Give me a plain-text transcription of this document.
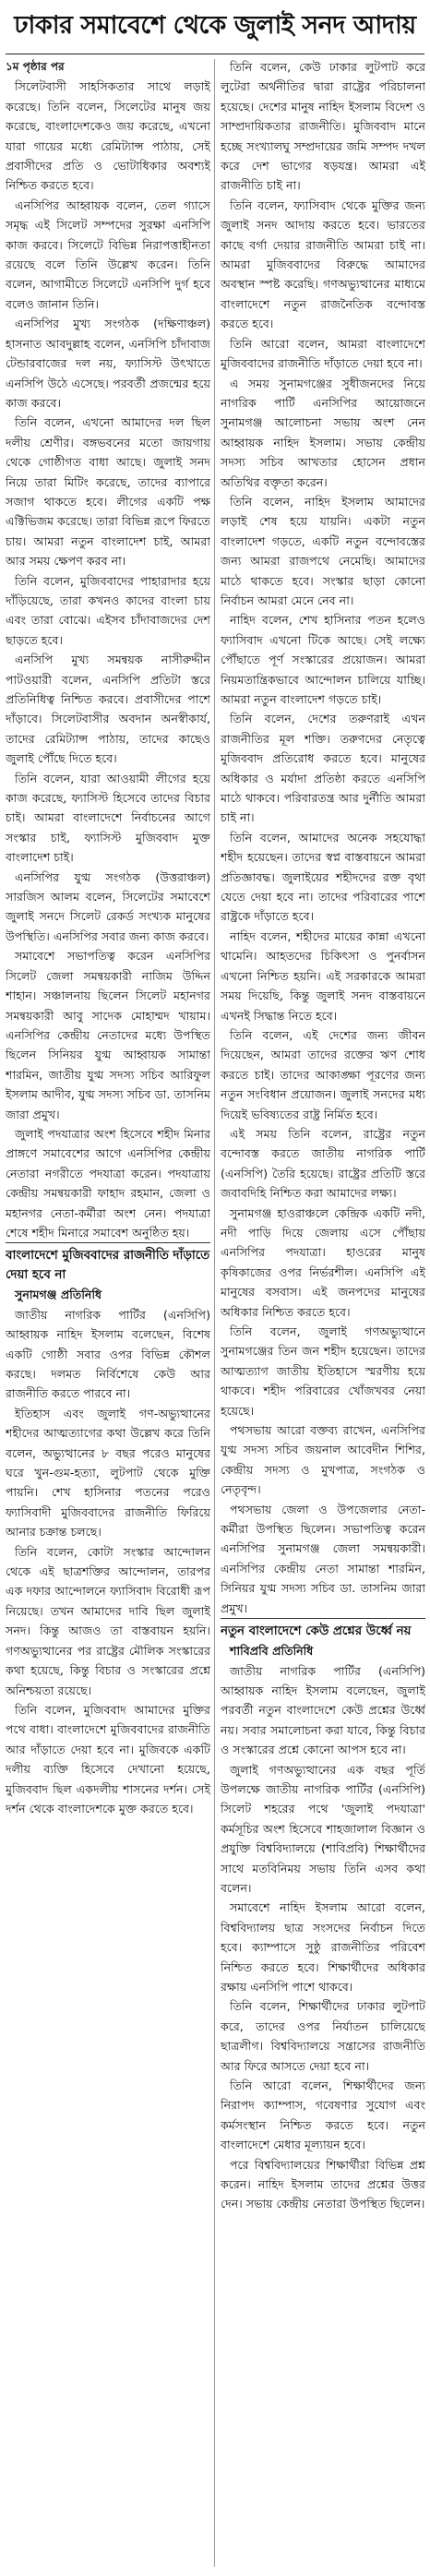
ঢাকার সমাবেশে থেকে জুলাই সনদ আদায়

১ম পৃষ্ঠার পর

সিলেটবাসী সাহসিকতার সাথে লড়াই করেছে। তিনি বলেন, সিলেটের মানুষ জয় করেছে, বাংলাদেশকেও জয় করেছে, এখনো যারা গায়ের মধ্যে রেমিট্যান্স পাঠায়, সেই প্রবাসীদের প্রতি ও ভোটাধিকার অবশ্যই নিশ্চিত করতে হবে।

এনসিপির আহ্বায়ক বলেন, তেল গ্যাসে সমৃদ্ধ এই সিলেট সম্পদের সুরক্ষা এনসিপি কাজ করবে। সিলেটে বিভিন্ন নিরাপত্তাহীনতা রয়েছে বলে তিনি উল্লেখ করেন। তিনি বলেন, আগামীতে সিলেটে এনসিপি দুর্গ হবে বলেও জানান তিনি।

এনসিপির মুখ্য সংগঠক (দক্ষিণাঞ্চল) হাসনাত আবদুল্লাহ বলেন, এনসিপি চাঁদাবাজ টেন্ডারবাজের দল নয়, ফ্যাসিস্ট উৎখাতে এনসিপি উঠে এসেছে। পরবর্তী প্রজন্মের হয়ে কাজ করবে।

তিনি বলেন, এখনো আমাদের দল ছিল দলীয় শ্রেণীর। বঙ্গভবনের মতো জায়গায় থেকে গোষ্ঠীগত বাধা আছে। জুলাই সনদ নিয়ে তারা মিটিং করেছে, তাদের ব্যাপারে সজাগ থাকতে হবে। লীগের একটি পক্ষ এক্টিভিজম করেছে। তারা বিভিন্ন রূপে ফিরতে চায়। আমরা নতুন বাংলাদেশ চাই, আমরা আর সময় ক্ষেপণ করব না।

তিনি বলেন, মুজিববাদের পাহারাদার হয়ে দাঁড়িয়েছে, তারা কখনও কাদের বাংলা চায় এবং তারা বোঝে। এইসব চাঁদাবাজদের দেশ ছাড়তে হবে।

এনসিপি মুখ্য সমন্বয়ক নাসীরুদ্দীন পাটওয়ারী বলেন, এনসিপি প্রতিটা স্তরে প্রতিনিধিত্ব নিশ্চিত করবে। প্রবাসীদের পাশে দাঁড়াবে। সিলেটবাসীর অবদান অনস্বীকার্য, তাদের রেমিট্যান্স পাঠায়, তাদের কাছেও জুলাই পৌঁছে দিতে হবে।

তিনি বলেন, যারা আওয়ামী লীগের হয়ে কাজ করেছে, ফ্যাসিস্ট হিসেবে তাদের বিচার চাই। আমরা বাংলাদেশে নির্বাচনের আগে সংস্কার চাই, ফ্যাসিস্ট মুজিববাদ মুক্ত বাংলাদেশ চাই।

এনসিপির যুগ্ম সংগঠক (উত্তরাঞ্চল) সারজিস আলম বলেন, সিলেটের সমাবেশে জুলাই সনদে সিলেট রেকর্ড সংখ্যক মানুষের উপস্থিতি। এনসিপির সবার জন্য কাজ করবে।

সমাবেশে সভাপতিত্ব করেন এনসিপির সিলেট জেলা সমন্বয়কারী নাজিম উদ্দিন শাহান। সঞ্চালনায় ছিলেন সিলেট মহানগর সমন্বয়কারী আবু সাদেক মোহাম্মদ খায়াম। এনসিপির কেন্দ্রীয় নেতাদের মধ্যে উপস্থিত ছিলেন সিনিয়র যুগ্ম আহ্বায়ক সামান্তা শারমিন, জাতীয় যুগ্ম সদস্য সচিব আরিফুল ইসলাম আদীব, যুগ্ম সদস্য সচিব ডা. তাসনিম জারা প্রমুখ।

জুলাই পদযাত্রার অংশ হিসেবে শহীদ মিনার প্রাঙ্গণে সমাবেশের আগে এনসিপির কেন্দ্রীয় নেতারা নগরীতে পদযাত্রা করেন। পদযাত্রায় কেন্দ্রীয় সমন্বয়কারী ফাহাদ রহমান, জেলা ও মহানগর নেতা-কর্মীরা অংশ নেন। পদযাত্রা শেষে শহীদ মিনারে সমাবেশ অনুষ্ঠিত হয়।

বাংলাদেশে মুজিববাদের রাজনীতি দাঁড়াতে দেয়া হবে না

সুনামগঞ্জ প্রতিনিধি

জাতীয় নাগরিক পার্টির (এনসিপি) আহ্বায়ক নাহিদ ইসলাম বলেছেন, বিশেষ একটি গোষ্ঠী সবার ওপর বিভিন্ন কৌশল করছে। দলমত নির্বিশেষে কেউ আর রাজনীতি করতে পারবে না।

ইতিহাস এবং জুলাই গণ-অভ্যুত্থানের শহীদের আত্মত্যাগের কথা উল্লেখ করে তিনি বলেন, অভ্যুত্থানের ৮ বছর পরেও মানুষের ঘরে খুন-গুম-হত্যা, লুটপাট থেকে মুক্তি পায়নি। শেখ হাসিনার পতনের পরেও ফ্যাসিবাদী মুজিববাদের রাজনীতি ফিরিয়ে আনার চক্রান্ত চলছে।

তিনি বলেন, কোটা সংস্কার আন্দোলন থেকে এই ছাত্রশক্তির আন্দোলন, তারপর এক দফার আন্দোলনে ফ্যাসিবাদ বিরোধী রূপ নিয়েছে। তখন আমাদের দাবি ছিল জুলাই সনদ। কিন্তু আজও তা বাস্তবায়ন হয়নি। গণঅভ্যুত্থানের পর রাষ্ট্রের মৌলিক সংস্কারের কথা হয়েছে, কিন্তু বিচার ও সংস্কারের প্রশ্নে অনিশ্চয়তা রয়েছে।

তিনি বলেন, মুজিববাদ আমাদের মুক্তির পথে বাধা। বাংলাদেশে মুজিববাদের রাজনীতি আর দাঁড়াতে দেয়া হবে না। মুজিবকে একটি দলীয় ব্যক্তি হিসেবে দেখানো হয়েছে, মুজিববাদ ছিল একদলীয় শাসনের দর্শন। সেই দর্শন থেকে বাংলাদেশকে মুক্ত করতে হবে।

তিনি বলেন, কেউ ঢাকার লুটপাট করে লুটেরা অর্থনীতির দ্বারা রাষ্ট্রের পরিচালনা হয়েছে। দেশের মানুষ নাহিদ ইসলাম বিদেশ ও সাম্প্রদায়িকতার রাজনীতি। মুজিববাদ মানে হচ্ছে সংখ্যালঘু সম্প্রদায়ের জমি সম্পদ দখল করে দেশ ভাগের ষড়যন্ত্র। আমরা এই রাজনীতি চাই না।

তিনি বলেন, ফ্যাসিবাদ থেকে মুক্তির জন্য জুলাই সনদ আদায় করতে হবে। ভারতের কাছে বর্গা দেয়ার রাজনীতি আমরা চাই না। আমরা মুজিববাদের বিরুদ্ধে আমাদের অবস্থান স্পষ্ট করেছি। গণঅভ্যুত্থানের মাধ্যমে বাংলাদেশে নতুন রাজনৈতিক বন্দোবস্ত করতে হবে।

তিনি আরো বলেন, আমরা বাংলাদেশে মুজিববাদের রাজনীতি দাঁড়াতে দেয়া হবে না।

এ সময় সুনামগঞ্জের সুধীজনদের নিয়ে নাগরিক পার্টি এনসিপির আয়োজনে সুনামগঞ্জ আলোচনা সভায় অংশ নেন আহ্বায়ক নাহিদ ইসলাম। সভায় কেন্দ্রীয় সদস্য সচিব আখতার হোসেন প্রধান অতিথির বক্তৃতা করেন।

তিনি বলেন, নাহিদ ইসলাম আমাদের লড়াই শেষ হয়ে যায়নি। একটা নতুন বাংলাদেশ গড়তে, একটি নতুন বন্দোবস্তের জন্য আমরা রাজপথে নেমেছি। আমাদের মাঠে থাকতে হবে। সংস্কার ছাড়া কোনো নির্বাচন আমরা মেনে নেব না।

নাহিদ বলেন, শেখ হাসিনার পতন হলেও ফ্যাসিবাদ এখনো টিকে আছে। সেই লক্ষ্যে পৌঁছাতে পূর্ণ সংস্কারের প্রয়োজন। আমরা নিয়মতান্ত্রিকভাবে আন্দোলন চালিয়ে যাচ্ছি। আমরা নতুন বাংলাদেশ গড়তে চাই।

তিনি বলেন, দেশের তরুণরাই এখন রাজনীতির মূল শক্তি। তরুণদের নেতৃত্বে মুজিববাদ প্রতিরোধ করতে হবে। মানুষের অধিকার ও মর্যাদা প্রতিষ্ঠা করতে এনসিপি মাঠে থাকবে। পরিবারতন্ত্র আর দুর্নীতি আমরা চাই না।

তিনি বলেন, আমাদের অনেক সহযোদ্ধা শহীদ হয়েছেন। তাদের স্বপ্ন বাস্তবায়নে আমরা প্রতিজ্ঞাবদ্ধ। জুলাইয়ের শহীদদের রক্ত বৃথা যেতে দেয়া হবে না। তাদের পরিবারের পাশে রাষ্ট্রকে দাঁড়াতে হবে।

নাহিদ বলেন, শহীদের মায়ের কান্না এখনো থামেনি। আহতদের চিকিৎসা ও পুনর্বাসন এখনো নিশ্চিত হয়নি। এই সরকারকে আমরা সময় দিয়েছি, কিন্তু জুলাই সনদ বাস্তবায়নে এখনই সিদ্ধান্ত নিতে হবে।

তিনি বলেন, এই দেশের জন্য জীবন দিয়েছেন, আমরা তাদের রক্তের ঋণ শোধ করতে চাই। তাদের আকাঙ্ক্ষা পূরণের জন্য নতুন সংবিধান প্রয়োজন। জুলাই সনদের মধ্য দিয়েই ভবিষ্যতের রাষ্ট্র নির্মিত হবে।

এই সময় তিনি বলেন, রাষ্ট্রের নতুন বন্দোবস্ত করতে জাতীয় নাগরিক পার্টি (এনসিপি) তৈরি হয়েছে। রাষ্ট্রের প্রতিটি স্তরে জবাবদিহি নিশ্চিত করা আমাদের লক্ষ্য।

সুনামগঞ্জ হাওরাঞ্চলে কেন্দ্রিক একটি নদী, নদী পাড়ি দিয়ে জেলায় এসে পৌঁছায় এনসিপির পদযাত্রা। হাওরের মানুষ কৃষিকাজের ওপর নির্ভরশীল। এনসিপি এই মানুষের বসবাস। এই জনপদের মানুষের অধিকার নিশ্চিত করতে হবে।

তিনি বলেন, জুলাই গণঅভ্যুত্থানে সুনামগঞ্জের তিন জন শহীদ হয়েছেন। তাদের আত্মত্যাগ জাতীয় ইতিহাসে স্মরণীয় হয়ে থাকবে। শহীদ পরিবারের খোঁজখবর নেয়া হয়েছে।

পথসভায় আরো বক্তব্য রাখেন, এনসিপির যুগ্ম সদস্য সচিব জয়নাল আবেদীন শিশির, কেন্দ্রীয় সদস্য ও মুখপাত্র, সংগঠক ও নেতৃবৃন্দ।

পথসভায় জেলা ও উপজেলার নেতা-কর্মীরা উপস্থিত ছিলেন। সভাপতিত্ব করেন এনসিপির সুনামগঞ্জ জেলা সমন্বয়কারী। এনসিপির কেন্দ্রীয় নেতা সামান্তা শারমিন, সিনিয়র যুগ্ম সদস্য সচিব ডা. তাসনিম জারা প্রমুখ।

নতুন বাংলাদেশে কেউ প্রশ্নের উর্ধ্বে নয়

শাবিপ্রবি প্রতিনিধি

জাতীয় নাগরিক পার্টির (এনসিপি) আহ্বায়ক নাহিদ ইসলাম বলেছেন, জুলাই পরবর্তী নতুন বাংলাদেশে কেউ প্রশ্নের উর্ধ্বে নয়। সবার সমালোচনা করা যাবে, কিন্তু বিচার ও সংস্কারের প্রশ্নে কোনো আপস হবে না।

জুলাই গণঅভ্যুত্থানের এক বছর পূর্তি উপলক্ষে জাতীয় নাগরিক পার্টির (এনসিপি) সিলেট শহরের পথে 'জুলাই পদযাত্রা' কর্মসূচির অংশ হিসেবে শাহজালাল বিজ্ঞান ও প্রযুক্তি বিশ্ববিদ্যালয়ে (শাবিপ্রবি) শিক্ষার্থীদের সাথে মতবিনিময় সভায় তিনি এসব কথা বলেন।

সমাবেশে নাহিদ ইসলাম আরো বলেন, বিশ্ববিদ্যালয় ছাত্র সংসদের নির্বাচন দিতে হবে। ক্যাম্পাসে সুষ্ঠু রাজনীতির পরিবেশ নিশ্চিত করতে হবে। শিক্ষার্থীদের অধিকার রক্ষায় এনসিপি পাশে থাকবে।

তিনি বলেন, শিক্ষার্থীদের ঢাকার লুটপাট করে, তাদের ওপর নির্যাতন চালিয়েছে ছাত্রলীগ। বিশ্ববিদ্যালয়ে সন্ত্রাসের রাজনীতি আর ফিরে আসতে দেয়া হবে না।

তিনি আরো বলেন, শিক্ষার্থীদের জন্য নিরাপদ ক্যাম্পাস, গবেষণার সুযোগ এবং কর্মসংস্থান নিশ্চিত করতে হবে। নতুন বাংলাদেশে মেধার মূল্যায়ন হবে।

পরে বিশ্ববিদ্যালয়ের শিক্ষার্থীরা বিভিন্ন প্রশ্ন করেন। নাহিদ ইসলাম তাদের প্রশ্নের উত্তর দেন। সভায় কেন্দ্রীয় নেতারা উপস্থিত ছিলেন।
